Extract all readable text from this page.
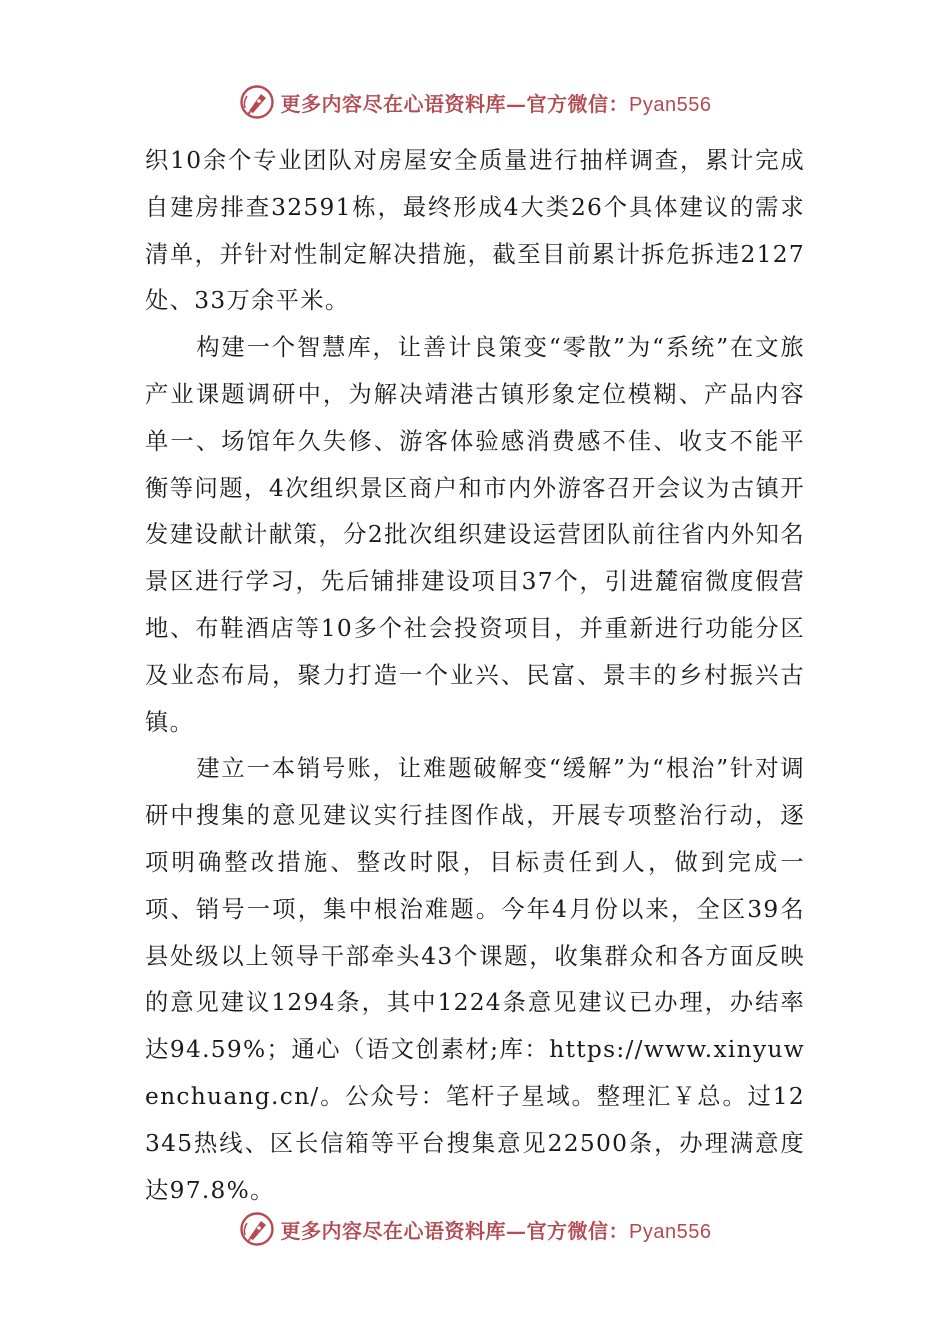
更多内容尽在心语资料库—官方微信：Pyan556

织10余个专业团队对房屋安全质量进行抽样调查，累计完成自建房排查32591栋，最终形成4大类26个具体建议的需求清单，并针对性制定解决措施，截至目前累计拆危拆违2127处、33万余平米。

构建一个智慧库，让善计良策变“零散”为“系统”在文旅产业课题调研中，为解决靖港古镇形象定位模糊、产品内容单一、场馆年久失修、游客体验感消费感不佳、收支不能平衡等问题，4次组织景区商户和市内外游客召开会议为古镇开发建设献计献策，分2批次组织建设运营团队前往省内外知名景区进行学习，先后铺排建设项目37个，引进麓宿微度假营地、布鞋酒店等10多个社会投资项目，并重新进行功能分区及业态布局，聚力打造一个业兴、民富、景丰的乡村振兴古镇。

建立一本销号账，让难题破解变“缓解”为“根治”针对调研中搜集的意见建议实行挂图作战，开展专项整治行动，逐项明确整改措施、整改时限，目标责任到人，做到完成一项、销号一项，集中根治难题。今年4月份以来，全区39名县处级以上领导干部牵头43个课题，收集群众和各方面反映的意见建议1294条，其中1224条意见建议已办理，办结率达94.59%；通心（语文创素材;库：https://www.xinyuwenchuang.cn/。公众号：笔杆子星域。整理汇￥总。过12345热线、区长信箱等平台搜集意见22500条，办理满意度达97.8%。

更多内容尽在心语资料库—官方微信：Pyan556
